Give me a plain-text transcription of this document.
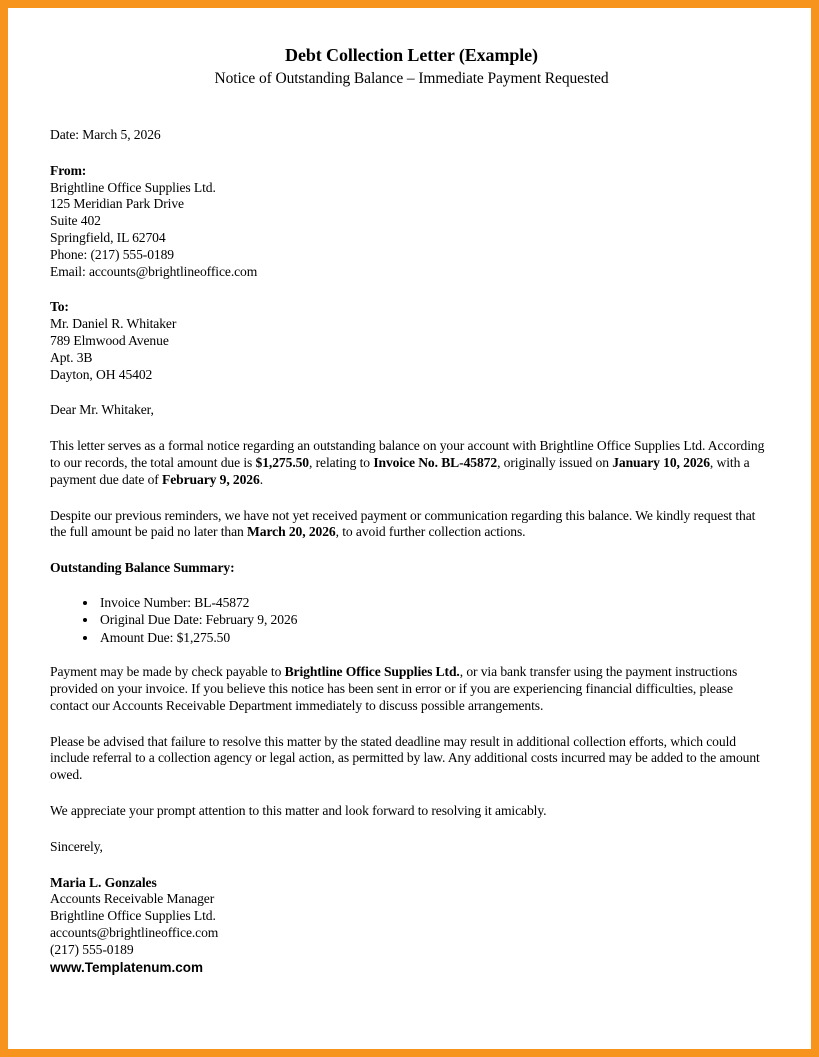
Debt Collection Letter (Example)
Notice of Outstanding Balance – Immediate Payment Requested
Date: March 5, 2026
From:
Brightline Office Supplies Ltd.
125 Meridian Park Drive
Suite 402
Springfield, IL 62704
Phone: (217) 555-0189
Email: accounts@brightlineoffice.com
To:
Mr. Daniel R. Whitaker
789 Elmwood Avenue
Apt. 3B
Dayton, OH 45402
Dear Mr. Whitaker,

This letter serves as a formal notice regarding an outstanding balance on your account with Brightline Office Supplies Ltd. According to our records, the total amount due is $1,275.50, relating to Invoice No. BL-45872, originally issued on January 10, 2026, with a payment due date of February 9, 2026.

Despite our previous reminders, we have not yet received payment or communication regarding this balance. We kindly request that the full amount be paid no later than March 20, 2026, to avoid further collection actions.

Outstanding Balance Summary:
• Invoice Number: BL-45872
• Original Due Date: February 9, 2026
• Amount Due: $1,275.50

Payment may be made by check payable to Brightline Office Supplies Ltd., or via bank transfer using the payment instructions provided on your invoice. If you believe this notice has been sent in error or if you are experiencing financial difficulties, please contact our Accounts Receivable Department immediately to discuss possible arrangements.

Please be advised that failure to resolve this matter by the stated deadline may result in additional collection efforts, which could include referral to a collection agency or legal action, as permitted by law. Any additional costs incurred may be added to the amount owed.

We appreciate your prompt attention to this matter and look forward to resolving it amicably.

Sincerely,
Maria L. Gonzales
Accounts Receivable Manager
Brightline Office Supplies Ltd.
accounts@brightlineoffice.com
(217) 555-0189
www.Templatenum.com
